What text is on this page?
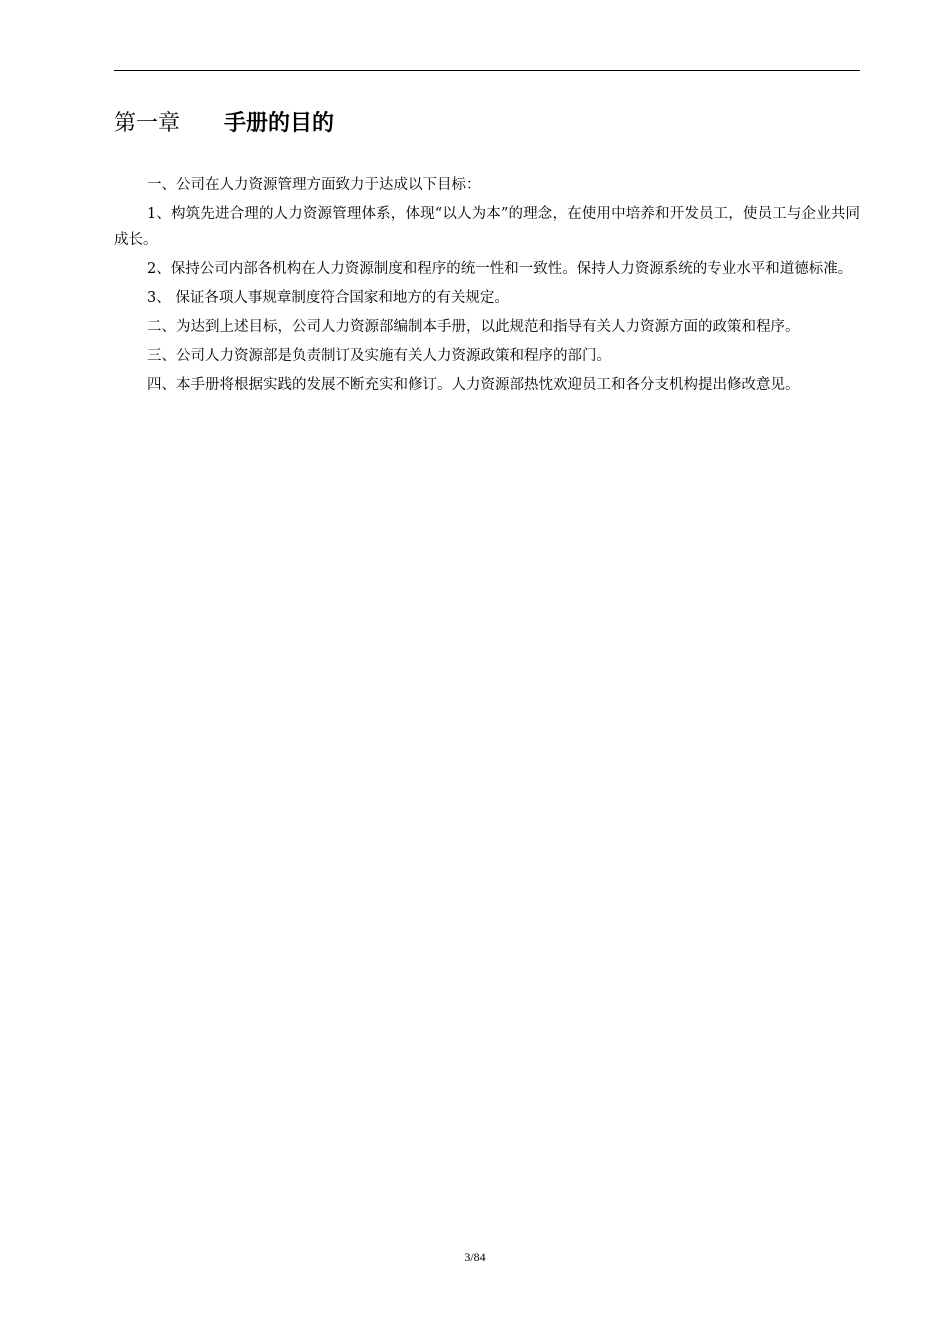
第一章 手册的目的

一、公司在人力资源管理方面致力于达成以下目标：

1、构筑先进合理的人力资源管理体系，体现“以人为本”的理念，在使用中培养和开发员工，使员工与企业共同成长。

2、保持公司内部各机构在人力资源制度和程序的统一性和一致性。保持人力资源系统的专业水平和道德标准。

3、 保证各项人事规章制度符合国家和地方的有关规定。

二、为达到上述目标，公司人力资源部编制本手册，以此规范和指导有关人力资源方面的政策和程序。

三、公司人力资源部是负责制订及实施有关人力资源政策和程序的部门。

四、本手册将根据实践的发展不断充实和修订。人力资源部热忱欢迎员工和各分支机构提出修改意见。

3/84
